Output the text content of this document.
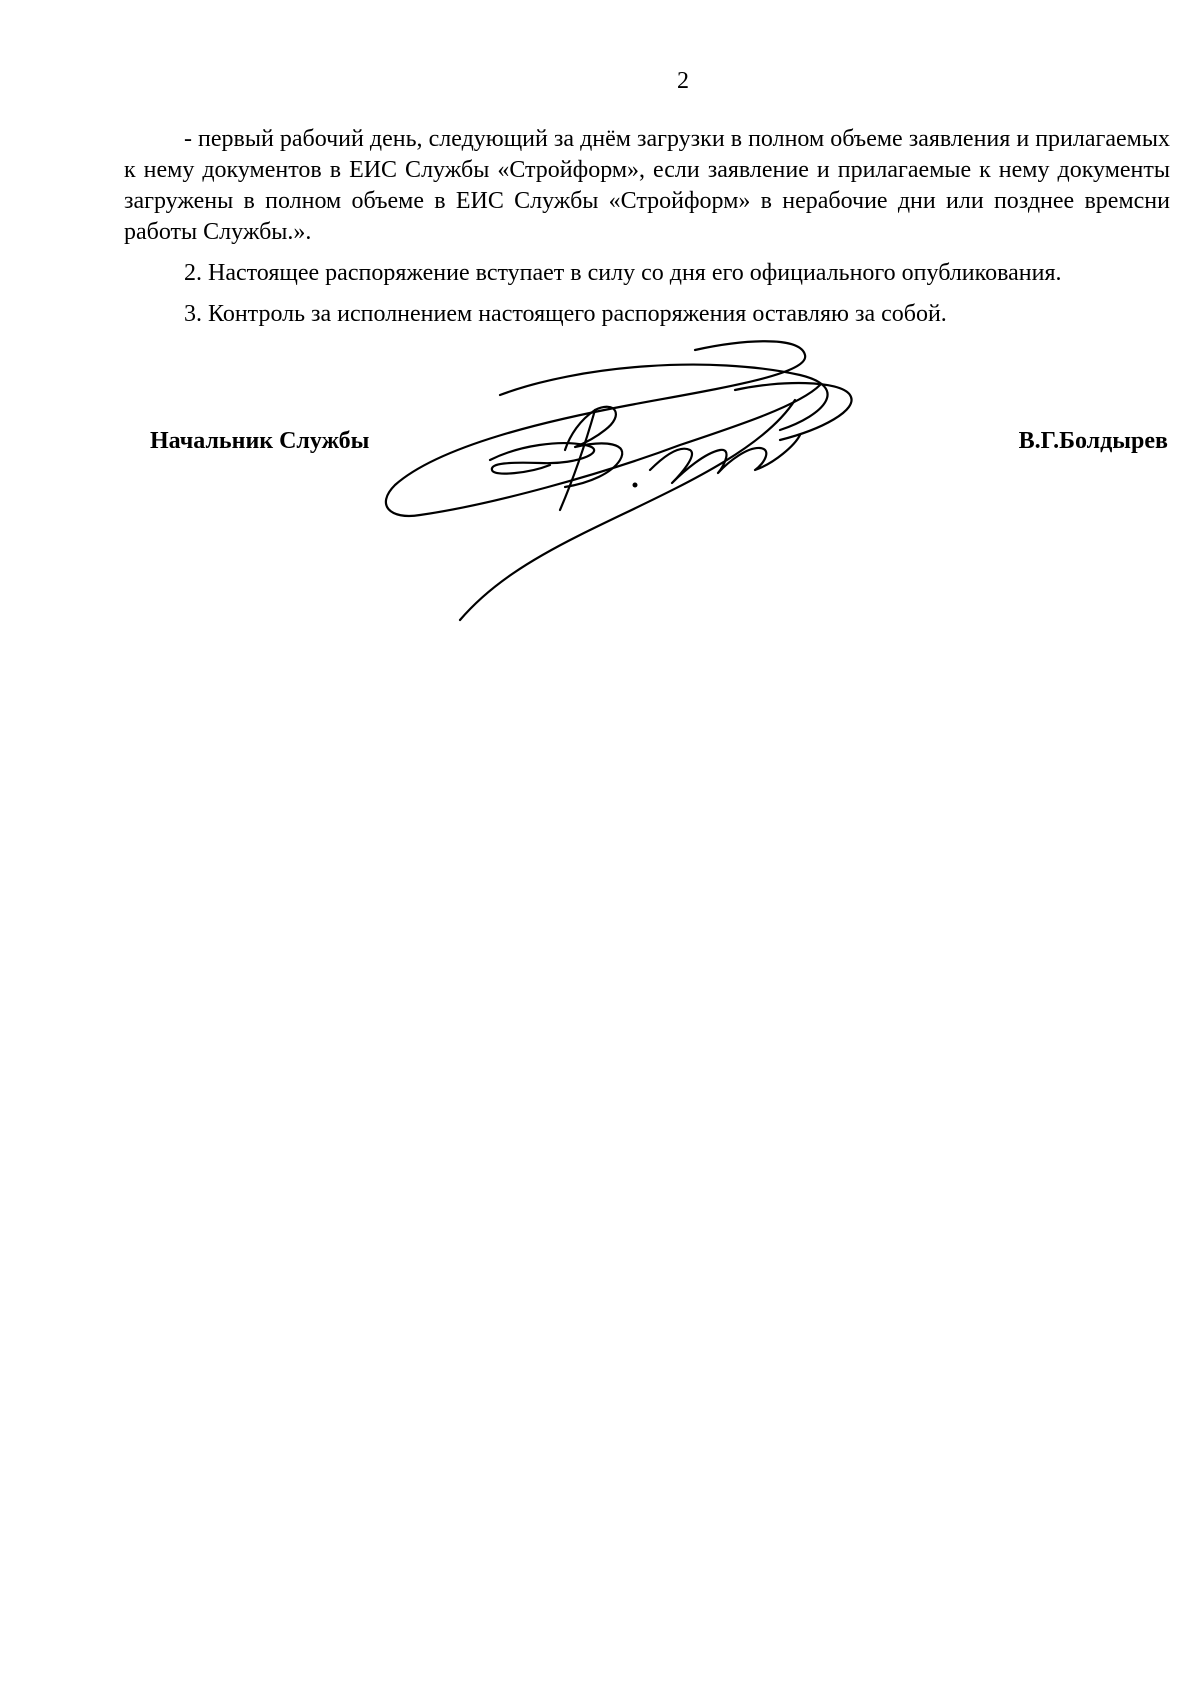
2

- первый рабочий день, следующий за днём загрузки в полном объеме заявления и прилагаемых к нему документов в ЕИС Службы «Стройформ», если заявление и прилагаемые к нему документы загружены в полном объеме в ЕИС Службы «Стройформ» в нерабочие дни или позднее времсни работы Службы.».

2. Настоящее распоряжение вступает в силу со дня его официального опубликования.

3. Контроль за исполнением настоящего распоряжения оставляю за собой.

Начальник Службы	В.Г.Болдырев
